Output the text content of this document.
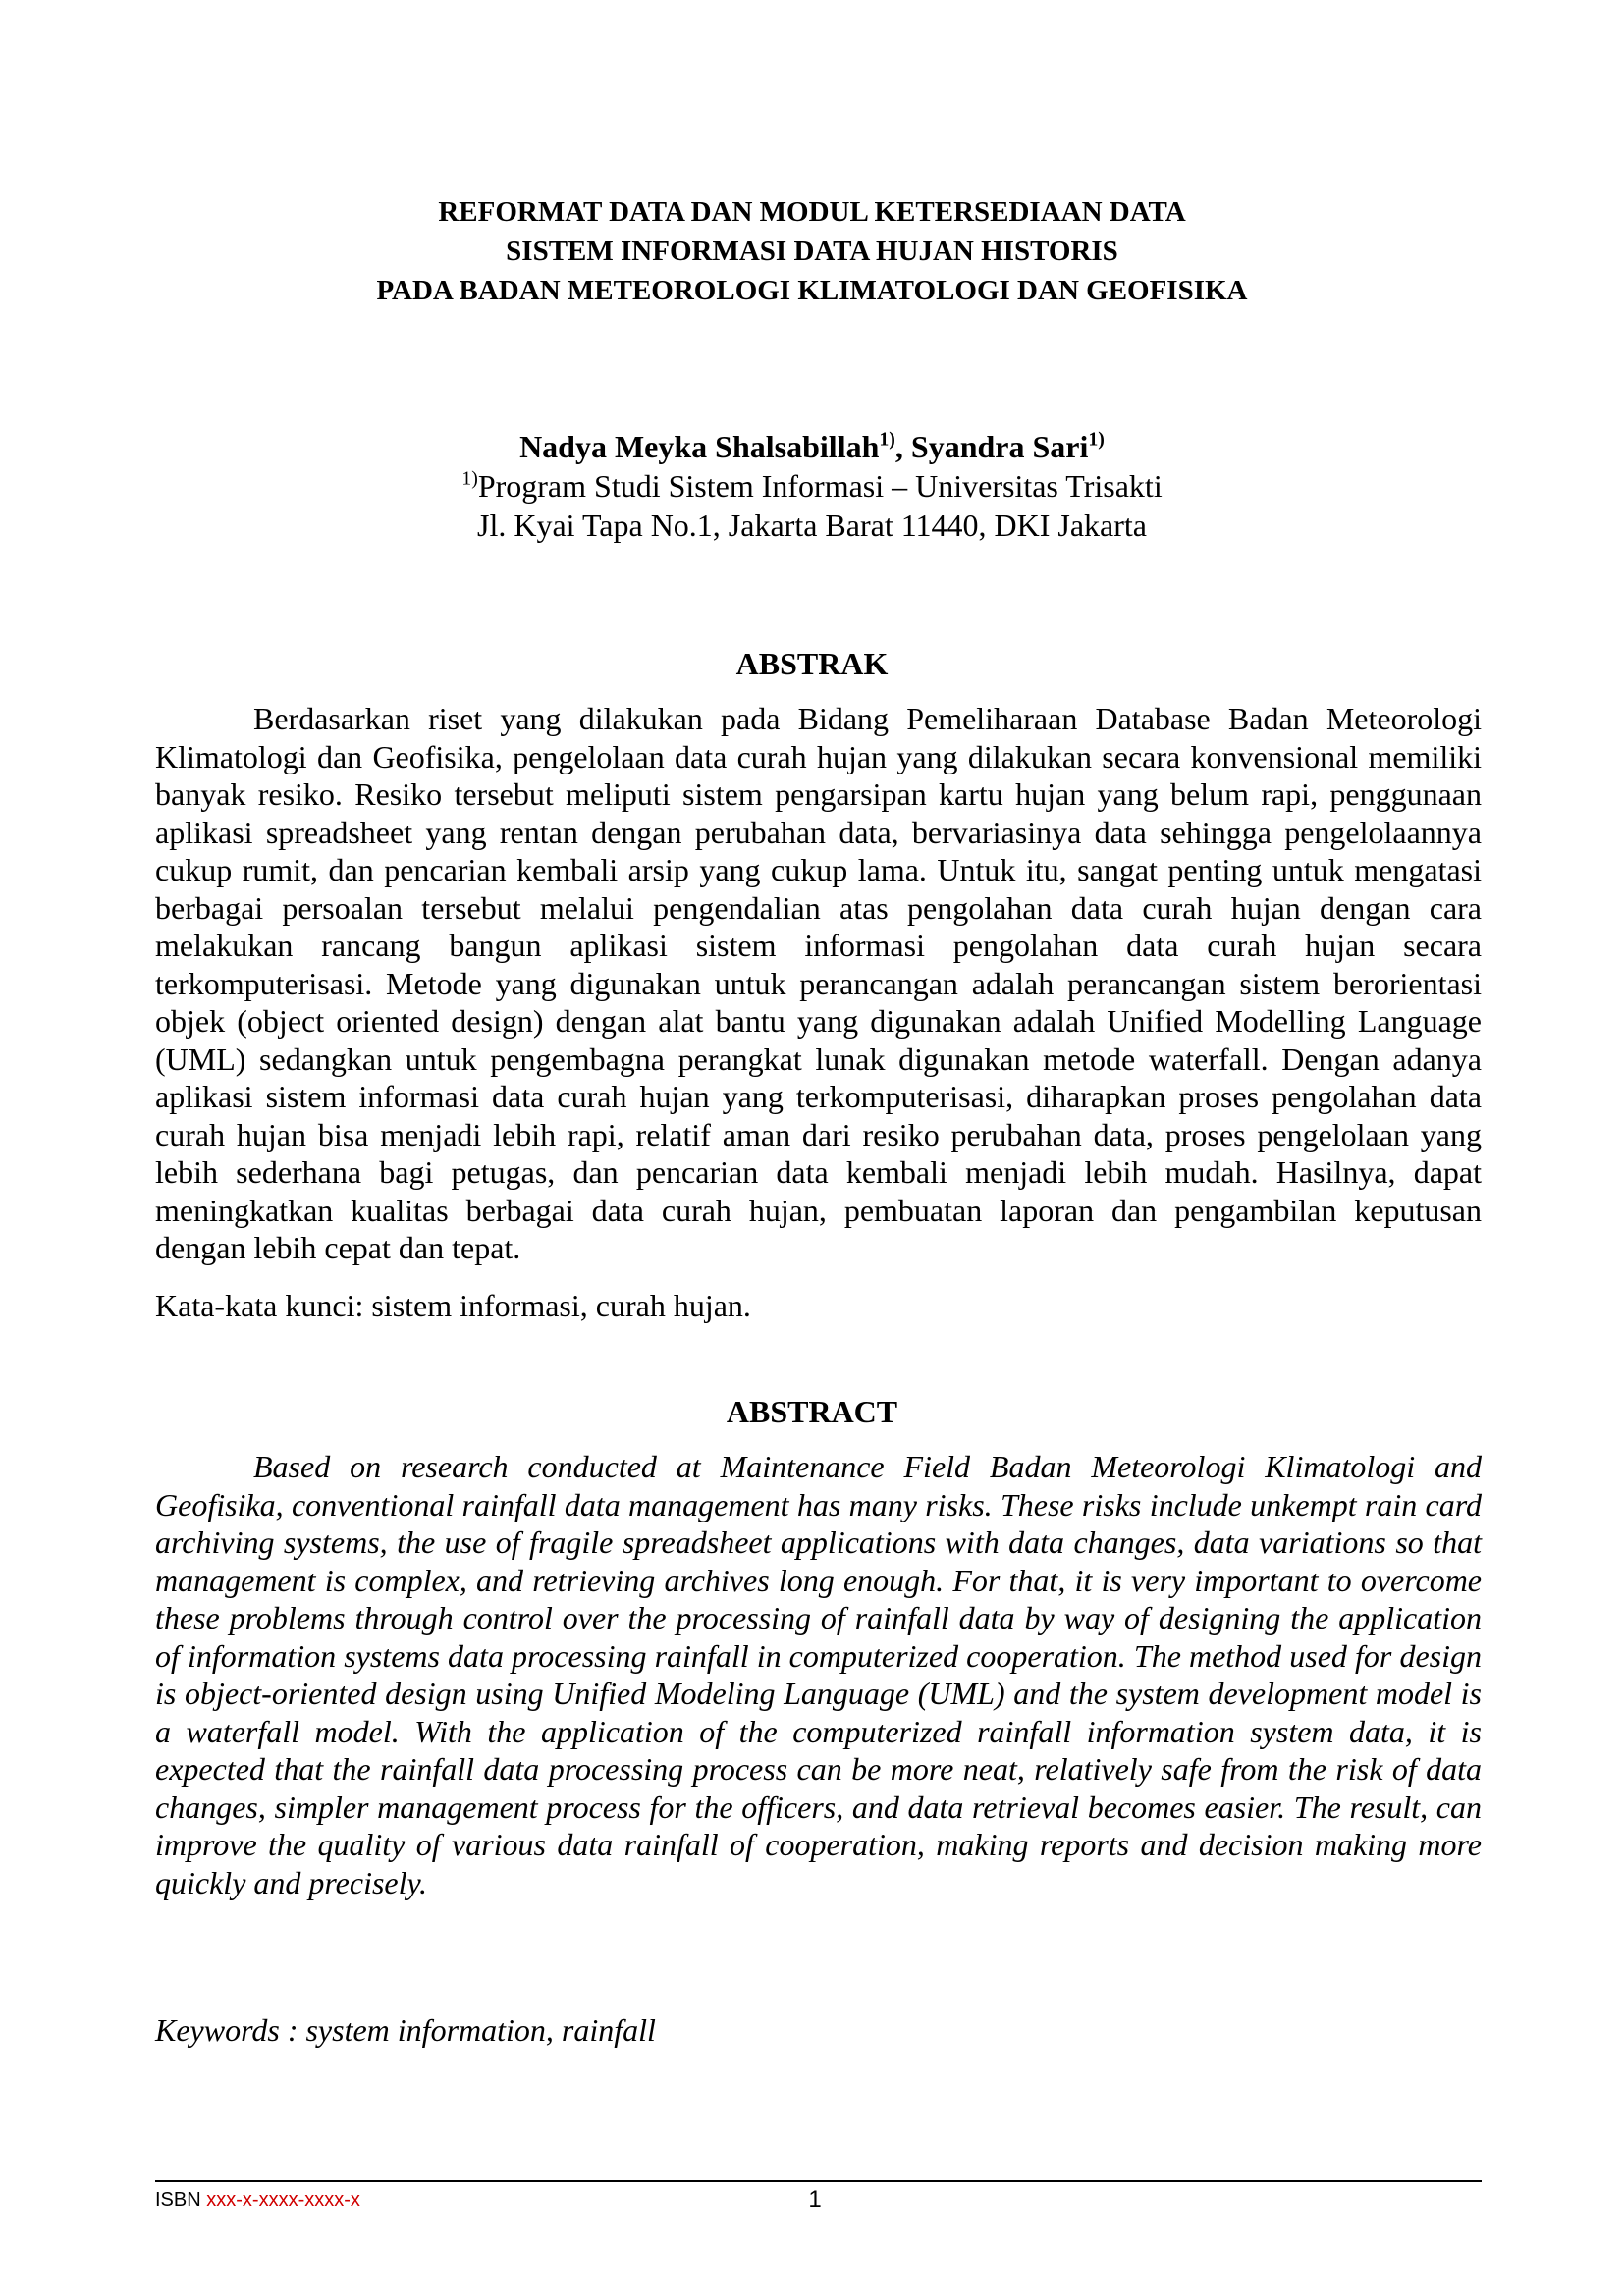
REFORMAT DATA DAN MODUL KETERSEDIAAN DATA
SISTEM INFORMASI DATA HUJAN HISTORIS
PADA BADAN METEOROLOGI KLIMATOLOGI DAN GEOFISIKA
Nadya Meyka Shalsabillah$^{1)}$, Syandra Sari$^{1)}$
$^{1)}$Program Studi Sistem Informasi – Universitas Trisakti
Jl. Kyai Tapa No.1, Jakarta Barat 11440, DKI Jakarta
ABSTRAK
Berdasarkan riset yang dilakukan pada Bidang Pemeliharaan Database Badan Meteorologi Klimatologi dan Geofisika, pengelolaan data curah hujan yang dilakukan secara konvensional memiliki banyak resiko. Resiko tersebut meliputi sistem pengarsipan kartu hujan yang belum rapi, penggunaan aplikasi spreadsheet yang rentan dengan perubahan data, bervariasinya data sehingga pengelolaannya cukup rumit, dan pencarian kembali arsip yang cukup lama. Untuk itu, sangat penting untuk mengatasi berbagai persoalan tersebut melalui pengendalian atas pengolahan data curah hujan dengan cara melakukan rancang bangun aplikasi sistem informasi pengolahan data curah hujan secara terkomputerisasi. Metode yang digunakan untuk perancangan adalah perancangan sistem berorientasi objek (object oriented design) dengan alat bantu yang digunakan adalah Unified Modelling Language (UML) sedangkan untuk pengembagna perangkat lunak digunakan metode waterfall. Dengan adanya aplikasi sistem informasi data curah hujan yang terkomputerisasi, diharapkan proses pengolahan data curah hujan bisa menjadi lebih rapi, relatif aman dari resiko perubahan data, proses pengelolaan yang lebih sederhana bagi petugas, dan pencarian data kembali menjadi lebih mudah. Hasilnya, dapat meningkatkan kualitas berbagai data curah hujan, pembuatan laporan dan pengambilan keputusan dengan lebih cepat dan tepat.
Kata-kata kunci: sistem informasi, curah hujan.
ABSTRACT
Based on research conducted at Maintenance Field Badan Meteorologi Klimatologi and Geofisika, conventional rainfall data management has many risks. These risks include unkempt rain card archiving systems, the use of fragile spreadsheet applications with data changes, data variations so that management is complex, and retrieving archives long enough. For that, it is very important to overcome these problems through control over the processing of rainfall data by way of designing the application of information systems data processing rainfall in computerized cooperation. The method used for design is object-oriented design using Unified Modeling Language (UML) and the system development model is a waterfall model. With the application of the computerized rainfall information system data, it is expected that the rainfall data processing process can be more neat, relatively safe from the risk of data changes, simpler management process for the officers, and data retrieval becomes easier. The result, can improve the quality of various data rainfall of cooperation, making reports and decision making more quickly and precisely.
Keywords : system information, rainfall
ISBN xxx-x-xxxx-xxxx-x	1
